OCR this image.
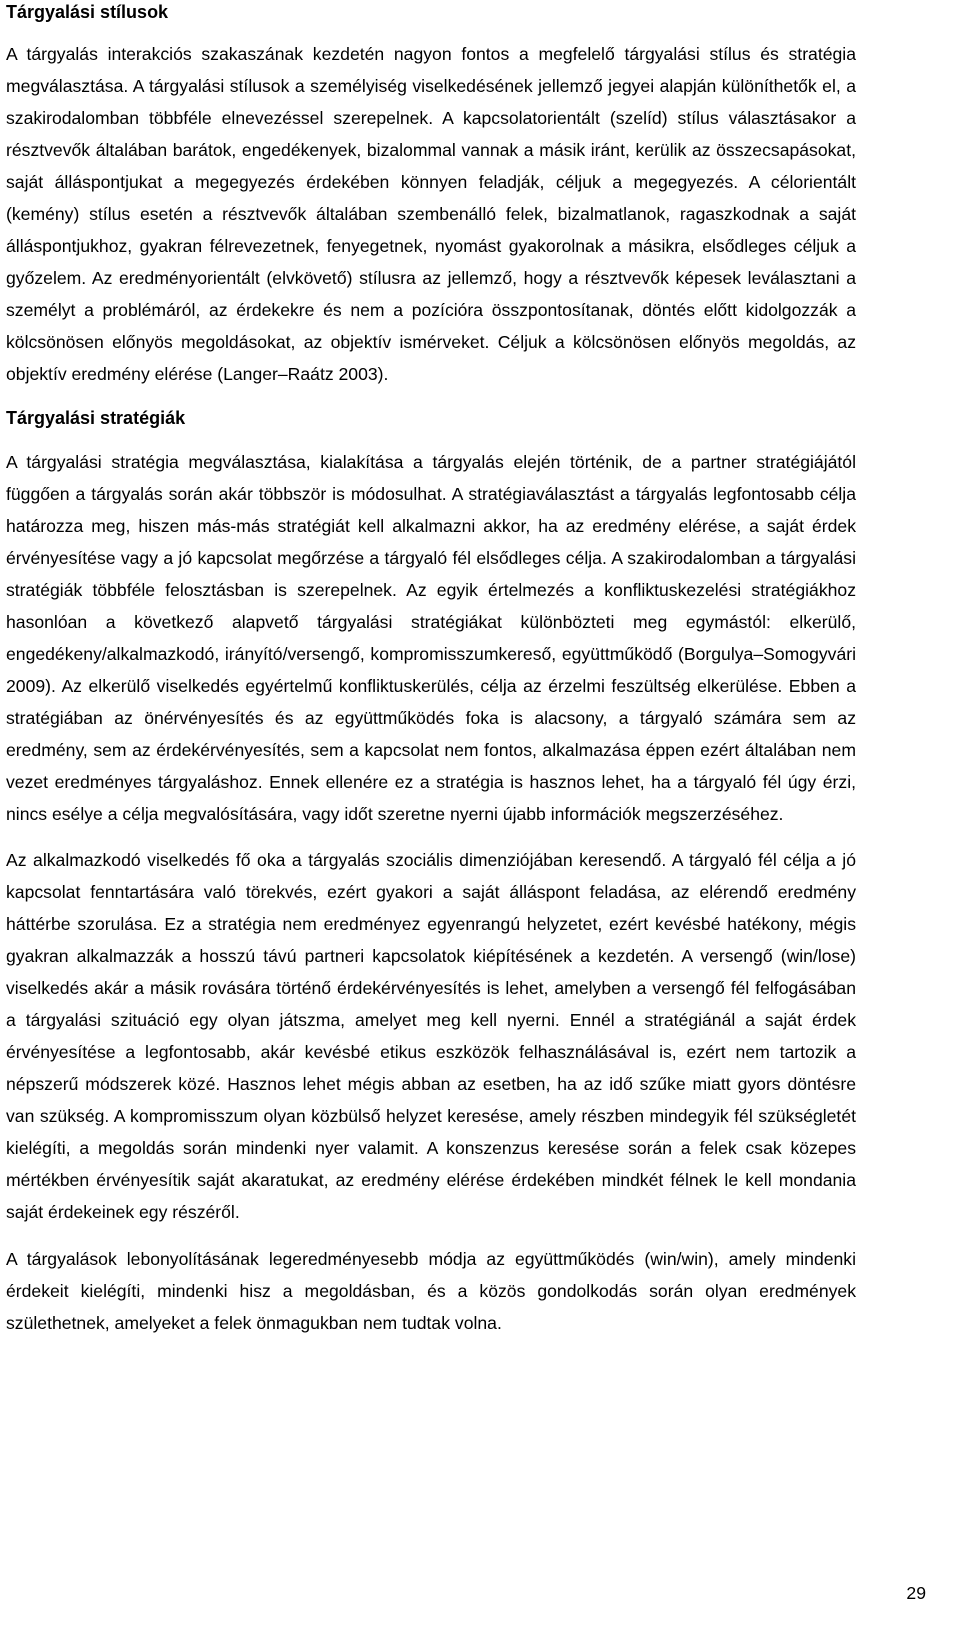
Tárgyalási stílusok

A tárgyalás interakciós szakaszának kezdetén nagyon fontos a megfelelő tárgyalási stílus és stratégia megválasztása. A tárgyalási stílusok a személyiség viselkedésének jellemző jegyei alapján különíthetők el, a szakirodalomban többféle elnevezéssel szerepelnek. A kapcsolatorientált (szelíd) stílus választásakor a résztvevők általában barátok, engedékenyek, bizalommal vannak a másik iránt, kerülik az összecsapásokat, saját álláspontjukat a megegyezés érdekében könnyen feladják, céljuk a megegyezés. A célorientált (kemény) stílus esetén a résztvevők általában szembenálló felek, bizalmatlanok, ragaszkodnak a saját álláspontjukhoz, gyakran félrevezetnek, fenyegetnek, nyomást gyakorolnak a másikra, elsődleges céljuk a győzelem. Az eredményorientált (elvkövető) stílusra az jellemző, hogy a résztvevők képesek leválasztani a személyt a problémáról, az érdekekre és nem a pozícióra összpontosítanak, döntés előtt kidolgozzák a kölcsönösen előnyös megoldásokat, az objektív ismérveket. Céljuk a kölcsönösen előnyös megoldás, az objektív eredmény elérése (Langer–Raátz 2003).

Tárgyalási stratégiák

A tárgyalási stratégia megválasztása, kialakítása a tárgyalás elején történik, de a partner stratégiájától függően a tárgyalás során akár többször is módosulhat. A stratégiaválasztást a tárgyalás legfontosabb célja határozza meg, hiszen más-más stratégiát kell alkalmazni akkor, ha az eredmény elérése, a saját érdek érvényesítése vagy a jó kapcsolat megőrzése a tárgyaló fél elsődleges célja. A szakirodalomban a tárgyalási stratégiák többféle felosztásban is szerepelnek. Az egyik értelmezés a konfliktuskezelési stratégiákhoz hasonlóan a következő alapvető tárgyalási stratégiákat különbözteti meg egymástól: elkerülő, engedékeny/alkalmazkodó, irányító/versengő, kompromisszumkereső, együttműködő (Borgulya–Somogyvári 2009). Az elkerülő viselkedés egyértelmű konfliktuskerülés, célja az érzelmi feszültség elkerülése. Ebben a stratégiában az önérvényesítés és az együttműködés foka is alacsony, a tárgyaló számára sem az eredmény, sem az érdekérvényesítés, sem a kapcsolat nem fontos, alkalmazása éppen ezért általában nem vezet eredményes tárgyaláshoz. Ennek ellenére ez a stratégia is hasznos lehet, ha a tárgyaló fél úgy érzi, nincs esélye a célja megvalósítására, vagy időt szeretne nyerni újabb információk megszerzéséhez.

Az alkalmazkodó viselkedés fő oka a tárgyalás szociális dimenziójában keresendő. A tárgyaló fél célja a jó kapcsolat fenntartására való törekvés, ezért gyakori a saját álláspont feladása, az elérendő eredmény háttérbe szorulása. Ez a stratégia nem eredményez egyenrangú helyzetet, ezért kevésbé hatékony, mégis gyakran alkalmazzák a hosszú távú partneri kapcsolatok kiépítésének a kezdetén. A versengő (win/lose) viselkedés akár a másik rovására történő érdekérvényesítés is lehet, amelyben a versengő fél felfogásában a tárgyalási szituáció egy olyan játszma, amelyet meg kell nyerni. Ennél a stratégiánál a saját érdek érvényesítése a legfontosabb, akár kevésbé etikus eszközök felhasználásával is, ezért nem tartozik a népszerű módszerek közé. Hasznos lehet mégis abban az esetben, ha az idő szűke miatt gyors döntésre van szükség. A kompromisszum olyan közbülső helyzet keresése, amely részben mindegyik fél szükségletét kielégíti, a megoldás során mindenki nyer valamit. A konszenzus keresése során a felek csak közepes mértékben érvényesítik saját akaratukat, az eredmény elérése érdekében mindkét félnek le kell mondania saját érdekeinek egy részéről.

A tárgyalások lebonyolításának legeredményesebb módja az együttműködés (win/win), amely mindenki érdekeit kielégíti, mindenki hisz a megoldásban, és a közös gondolkodás során olyan eredmények születhetnek, amelyeket a felek önmagukban nem tudtak volna.

29
